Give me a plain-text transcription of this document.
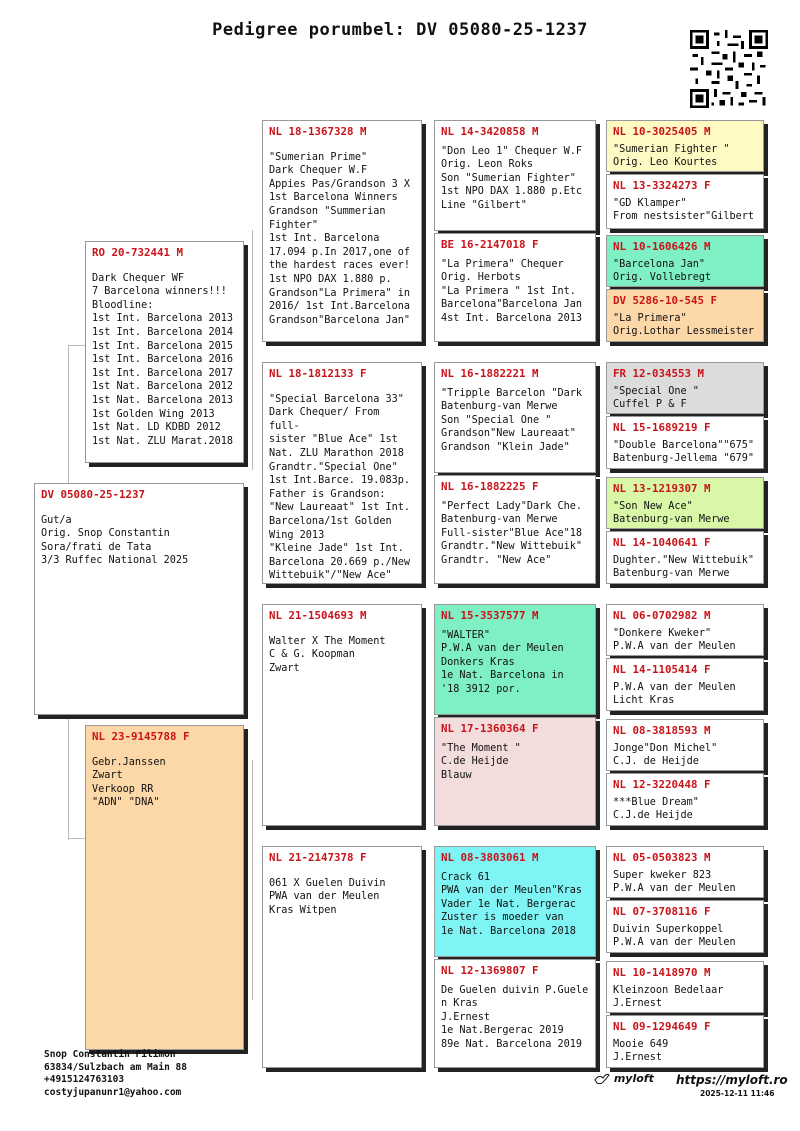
Pedigree porumbel: DV 05080-25-1237
DV 05080-25-1237
Gut/a
Orig. Snop Constantin
Sora/frati de Tata
3/3 Ruffec National 2025
RO 20-732441 M
Dark Chequer WF
7 Barcelona winners!!!
Bloodline:
1st Int. Barcelona 2013
1st Int. Barcelona 2014
1st Int. Barcelona 2015
1st Int. Barcelona 2016
1st Int. Barcelona 2017
1st Nat. Barcelona 2012
1st Nat. Barcelona 2013
1st Golden Wing 2013
1st Nat. LD KDBD 2012
1st Nat. ZLU Marat.2018
NL 23-9145788 F
Gebr.Janssen
Zwart
Verkoop RR
"ADN" "DNA"
NL 18-1367328 M
"Sumerian Prime"
Dark Chequer W.F
Appies Pas/Grandson 3 X
1st Barcelona Winners
Grandson "Summerian
Fighter"
1st Int. Barcelona
17.094 p.In 2017,one of
the hardest races ever!
1st NPO DAX 1.880 p.
Grandson"La Primera" in
2016/ 1st Int.Barcelona
Grandson"Barcelona Jan"
NL 18-1812133 F
"Special Barcelona 33"
Dark Chequer/ From full-
sister "Blue Ace" 1st
Nat. ZLU Marathon 2018
Grandtr."Special One"
1st Int.Barce. 19.083p.
Father is Grandson:
"New Laureaat" 1st Int.
Barcelona/1st Golden
Wing 2013
"Kleine Jade" 1st Int.
Barcelona 20.669 p./New
Wittebuik"/"New Ace"
NL 21-1504693 M
Walter X The Moment
C & G. Koopman
Zwart
NL 21-2147378 F
061 X Guelen Duivin
PWA van der Meulen
Kras Witpen
NL 14-3420858 M
"Don Leo 1" Chequer W.F
Orig. Leon Roks
Son "Sumerian Fighter"
1st NPO DAX 1.880 p.Etc
Line "Gilbert"
BE 16-2147018 F
"La Primera" Chequer
Orig. Herbots
"La Primera " 1st Int.
Barcelona"Barcelona Jan
4st Int. Barcelona 2013
NL 16-1882221 M
"Tripple Barcelon "Dark
Batenburg-van Merwe
Son "Special One "
Grandson"New Laureaat"
Grandson "Klein Jade"
NL 16-1882225 F
"Perfect Lady"Dark Che.
Batenburg-van Merwe
Full-sister"Blue Ace"18
Grandtr."New Wittebuik"
Grandtr. "New Ace"
NL 15-3537577 M
"WALTER"
P.W.A van der Meulen
Donkers Kras
1e Nat. Barcelona in
'18 3912 por.
NL 17-1360364 F
"The Moment "
C.de Heijde
Blauw
NL 08-3803061 M
Crack 61
PWA van der Meulen"Kras
Vader 1e Nat. Bergerac
Zuster is moeder van
1e Nat. Barcelona 2018
NL 12-1369807 F
De Guelen duivin P.Guele
n Kras
J.Ernest
1e Nat.Bergerac 2019
89e Nat. Barcelona 2019
NL 10-3025405 M
"Sumerian Fighter "
Orig. Leo Kourtes
NL 13-3324273 F
"GD Klamper"
From nestsister"Gilbert
NL 10-1606426 M
"Barcelona Jan"
Orig. Vollebregt
DV 5286-10-545 F
"La Primera"
Orig.Lothar Lessmeister
FR 12-034553 M
"Special One "
Cuffel P & F
NL 15-1689219 F
"Double Barcelona""675"
Batenburg-Jellema "679"
NL 13-1219307 M
"Son New Ace"
Batenburg-van Merwe
NL 14-1040641 F
Dughter."New Wittebuik"
Batenburg-van Merwe
NL 06-0702982 M
"Donkere Kweker"
P.W.A van der Meulen
NL 14-1105414 F
P.W.A van der Meulen
Licht Kras
NL 08-3818593 M
Jonge"Don Michel"
C.J. de Heijde
NL 12-3220448 F
***Blue Dream"
C.J.de Heijde
NL 05-0503823 M
Super kweker 823
P.W.A van der Meulen
NL 07-3708116 F
Duivin Superkoppel
P.W.A van der Meulen
NL 10-1418970 M
Kleinzoon Bedelaar
J.Ernest
NL 09-1294649 F
Mooie 649
J.Ernest
Snop Constantin Filimon
63834/Sulzbach am Main 88
+4915124763103
costyjupanunr1@yahoo.com
myloft https://myloft.ro
2025-12-11 11:46
